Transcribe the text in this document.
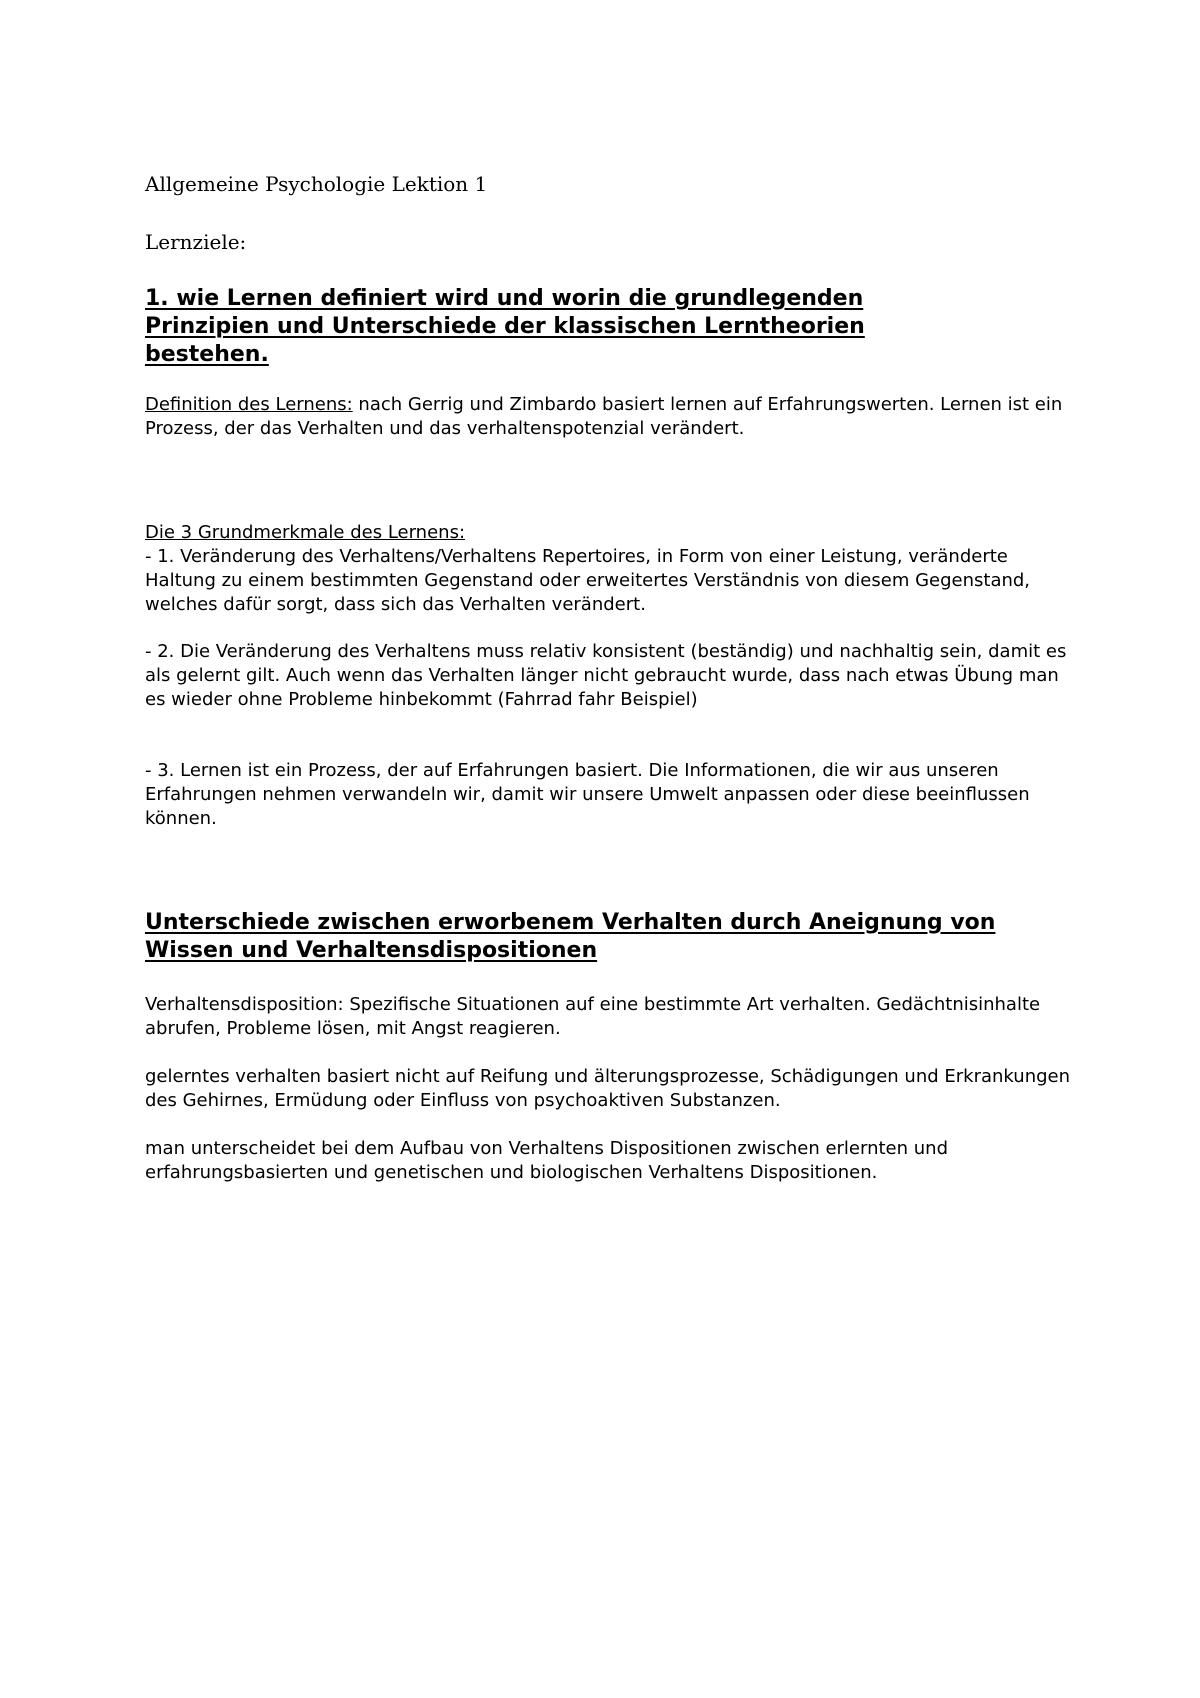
Allgemeine Psychologie Lektion 1
Lernziele:
1. wie Lernen definiert wird und worin die grundlegenden Prinzipien und Unterschiede der klassischen Lerntheorien bestehen.
Definition des Lernens: nach Gerrig und Zimbardo basiert lernen auf Erfahrungswerten. Lernen ist ein Prozess, der das Verhalten und das verhaltenspotenzial verändert.
Die 3 Grundmerkmale des Lernens:
- 1. Veränderung des Verhaltens/Verhaltens Repertoires, in Form von einer Leistung, veränderte Haltung zu einem bestimmten Gegenstand oder erweitertes Verständnis von diesem Gegenstand, welches dafür sorgt, dass sich das Verhalten verändert.
- 2. Die Veränderung des Verhaltens muss relativ konsistent (beständig) und nachhaltig sein, damit es als gelernt gilt. Auch wenn das Verhalten länger nicht gebraucht wurde, dass nach etwas Übung man es wieder ohne Probleme hinbekommt (Fahrrad fahr Beispiel)
- 3. Lernen ist ein Prozess, der auf Erfahrungen basiert. Die Informationen, die wir aus unseren Erfahrungen nehmen verwandeln wir, damit wir unsere Umwelt anpassen oder diese beeinflussen können.
Unterschiede zwischen erworbenem Verhalten durch Aneignung von Wissen und Verhaltensdispositionen
Verhaltensdisposition: Spezifische Situationen auf eine bestimmte Art verhalten. Gedächtnisinhalte abrufen, Probleme lösen, mit Angst reagieren.
gelerntes verhalten basiert nicht auf Reifung und älterungsprozesse, Schädigungen und Erkrankungen des Gehirnes, Ermüdung oder Einfluss von psychoaktiven Substanzen.
man unterscheidet bei dem Aufbau von Verhaltens Dispositionen zwischen erlernten und erfahrungsbasierten und genetischen und biologischen Verhaltens Dispositionen.
